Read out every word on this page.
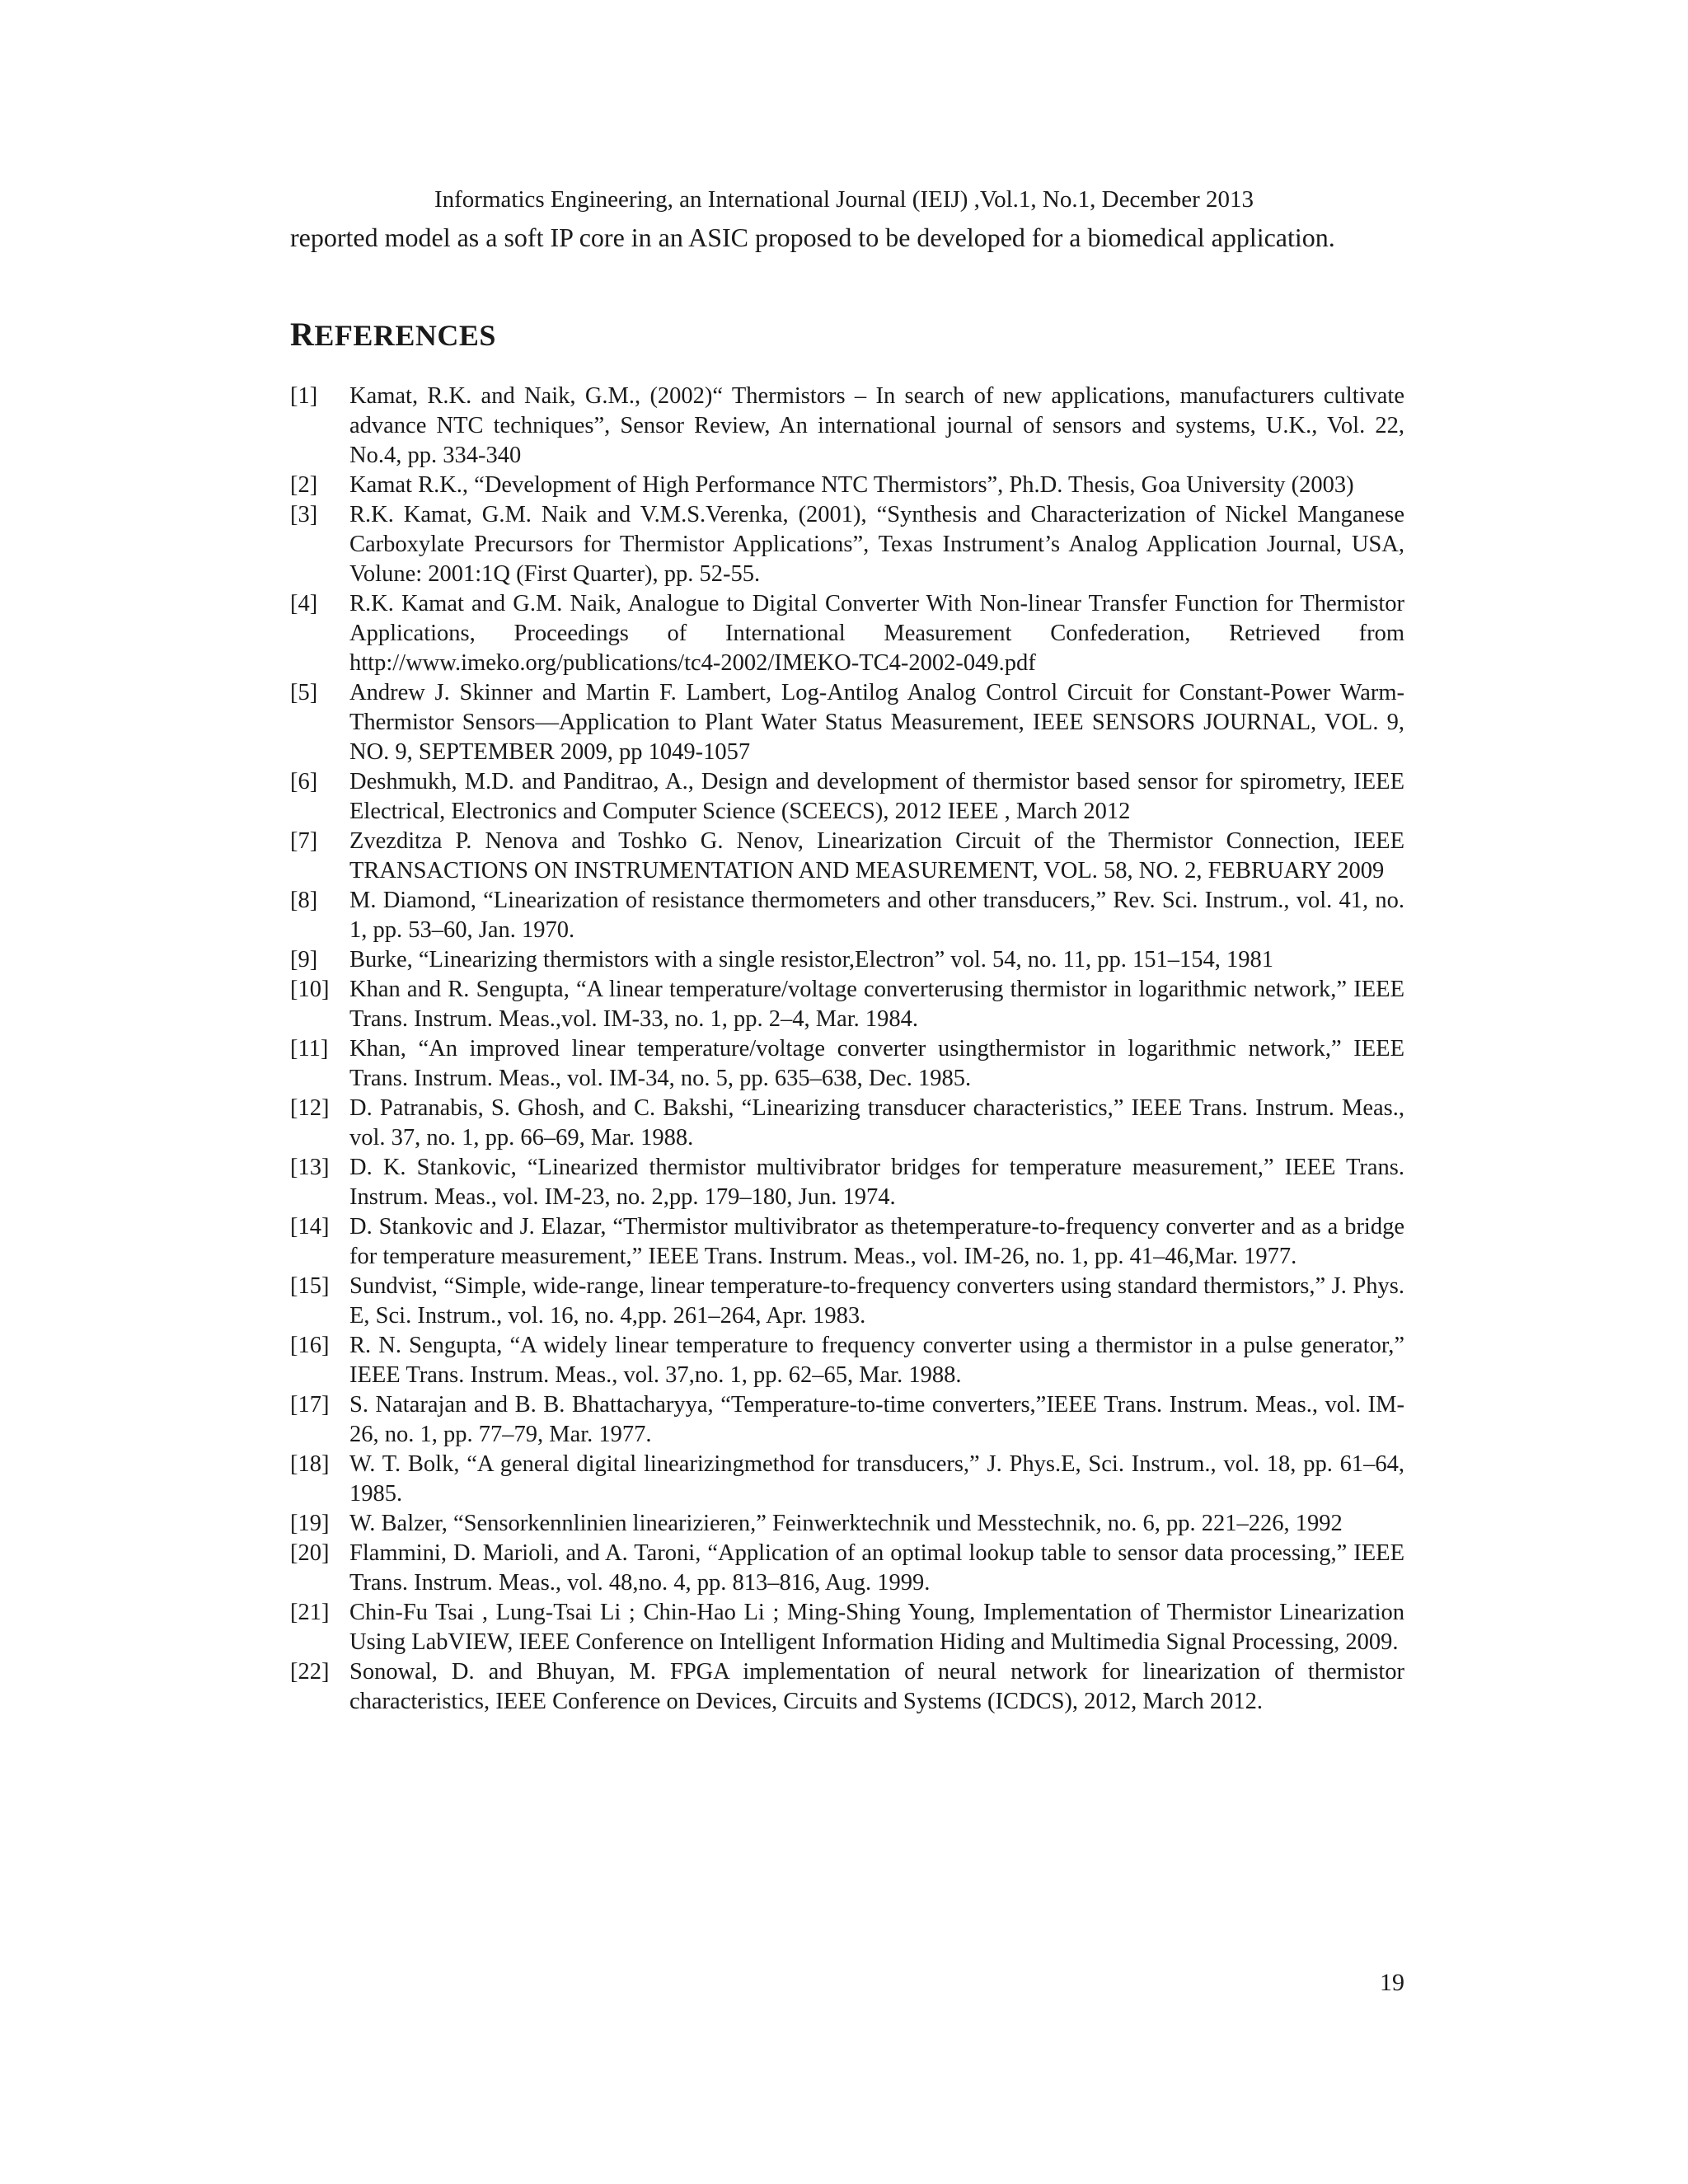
Informatics Engineering, an International Journal (IEIJ) ,Vol.1, No.1, December 2013
reported model as a soft IP core in an ASIC proposed to be developed for a biomedical application.
REFERENCES
[1]	Kamat, R.K. and Naik, G.M., (2002)“ Thermistors – In search of new applications, manufacturers cultivate advance NTC techniques”, Sensor Review, An international journal of sensors and systems, U.K., Vol. 22, No.4, pp. 334-340
[2]	Kamat R.K., “Development of High Performance NTC Thermistors”, Ph.D. Thesis, Goa University (2003)
[3]	R.K. Kamat, G.M. Naik and V.M.S.Verenka, (2001), “Synthesis and Characterization of Nickel Manganese Carboxylate Precursors for Thermistor Applications”, Texas Instrument’s Analog Application Journal, USA, Volune: 2001:1Q (First Quarter), pp. 52-55.
[4]	R.K. Kamat and G.M. Naik, Analogue to Digital Converter With Non-linear Transfer Function for Thermistor Applications, Proceedings of International Measurement Confederation, Retrieved from http://www.imeko.org/publications/tc4-2002/IMEKO-TC4-2002-049.pdf
[5]	Andrew J. Skinner and Martin F. Lambert, Log-Antilog Analog Control Circuit for Constant-Power Warm-Thermistor Sensors—Application to Plant Water Status Measurement, IEEE SENSORS JOURNAL, VOL. 9, NO. 9, SEPTEMBER 2009, pp 1049-1057
[6]	Deshmukh, M.D. and Panditrao, A., Design and development of thermistor based sensor for spirometry, IEEE Electrical, Electronics and Computer Science (SCEECS), 2012 IEEE , March 2012
[7]	Zvezditza P. Nenova and Toshko G. Nenov, Linearization Circuit of the Thermistor Connection, IEEE TRANSACTIONS ON INSTRUMENTATION AND MEASUREMENT, VOL. 58, NO. 2, FEBRUARY 2009
[8]	M. Diamond, “Linearization of resistance thermometers and other transducers,” Rev. Sci. Instrum., vol. 41, no. 1, pp. 53–60, Jan. 1970.
[9]	Burke, “Linearizing thermistors with a single resistor,Electron” vol. 54, no. 11, pp. 151–154, 1981
[10] Khan and R. Sengupta, “A linear temperature/voltage converterusing thermistor in logarithmic network,” IEEE Trans. Instrum. Meas.,vol. IM-33, no. 1, pp. 2–4, Mar. 1984.
[11] Khan, “An improved linear temperature/voltage converter usingthermistor in logarithmic network,” IEEE Trans. Instrum. Meas., vol. IM-34, no. 5, pp. 635–638, Dec. 1985.
[12] D. Patranabis, S. Ghosh, and C. Bakshi, “Linearizing transducer characteristics,” IEEE Trans. Instrum. Meas., vol. 37, no. 1, pp. 66–69, Mar. 1988.
[13] D. K. Stankovic, “Linearized thermistor multivibrator bridges for temperature measurement,” IEEE Trans. Instrum. Meas., vol. IM-23, no. 2,pp. 179–180, Jun. 1974.
[14] D. Stankovic and J. Elazar, “Thermistor multivibrator as thetemperature-to-frequency converter and as a bridge for temperature measurement,” IEEE Trans. Instrum. Meas., vol. IM-26, no. 1, pp. 41–46,Mar. 1977.
[15] Sundvist, “Simple, wide-range, linear temperature-to-frequency converters using standard thermistors,” J. Phys. E, Sci. Instrum., vol. 16, no. 4,pp. 261–264, Apr. 1983.
[16] R. N. Sengupta, “A widely linear temperature to frequency converter using a thermistor in a pulse generator,” IEEE Trans. Instrum. Meas., vol. 37,no. 1, pp. 62–65, Mar. 1988.
[17] S. Natarajan and B. B. Bhattacharyya, “Temperature-to-time converters,”IEEE Trans. Instrum. Meas., vol. IM-26, no. 1, pp. 77–79, Mar. 1977.
[18] W. T. Bolk, “A general digital linearizingmethod for transducers,” J. Phys.E, Sci. Instrum., vol. 18, pp. 61–64, 1985.
[19] W. Balzer, “Sensorkennlinien linearizieren,” Feinwerktechnik und Messtechnik, no. 6, pp. 221–226, 1992
[20] Flammini, D. Marioli, and A. Taroni, “Application of an optimal lookup table to sensor data processing,” IEEE Trans. Instrum. Meas., vol. 48,no. 4, pp. 813–816, Aug. 1999.
[21] Chin-Fu Tsai , Lung-Tsai Li ; Chin-Hao Li ; Ming-Shing Young, Implementation of Thermistor Linearization Using LabVIEW, IEEE Conference on Intelligent Information Hiding and Multimedia Signal Processing, 2009.
[22] Sonowal, D. and Bhuyan, M. FPGA implementation of neural network for linearization of thermistor characteristics, IEEE Conference on Devices, Circuits and Systems (ICDCS), 2012, March 2012.
19
